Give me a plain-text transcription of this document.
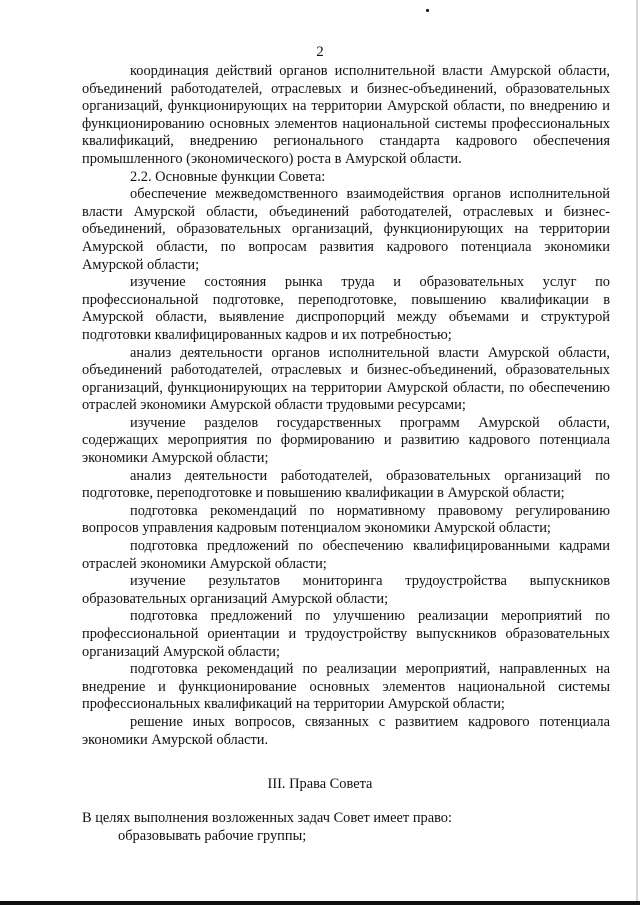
2

координация действий органов исполнительной власти Амурской области, объединений работодателей, отраслевых и бизнес-объединений, образовательных организаций, функционирующих на территории Амурской области, по внедрению и функционированию основных элементов национальной системы профессиональных квалификаций, внедрению регионального стандарта кадрового обеспечения промышленного (экономического) роста в Амурской области.

2.2. Основные функции Совета:

обеспечение межведомственного взаимодействия органов исполнительной власти Амурской области, объединений работодателей, отраслевых и бизнес-объединений, образовательных организаций, функционирующих на территории Амурской области, по вопросам развития кадрового потенциала экономики Амурской области;

изучение состояния рынка труда и образовательных услуг по профессиональной подготовке, переподготовке, повышению квалификации в Амурской области, выявление диспропорций между объемами и структурой подготовки квалифицированных кадров и их потребностью;

анализ деятельности органов исполнительной власти Амурской области, объединений работодателей, отраслевых и бизнес-объединений, образовательных организаций, функционирующих на территории Амурской области, по обеспечению отраслей экономики Амурской области трудовыми ресурсами;

изучение разделов государственных программ Амурской области, содержащих мероприятия по формированию и развитию кадрового потенциала экономики Амурской области;

анализ деятельности работодателей, образовательных организаций по подготовке, переподготовке и повышению квалификации в Амурской области;

подготовка рекомендаций по нормативному правовому регулированию вопросов управления кадровым потенциалом экономики Амурской области;

подготовка предложений по обеспечению квалифицированными кадрами отраслей экономики Амурской области;

изучение результатов мониторинга трудоустройства выпускников образовательных организаций Амурской области;

подготовка предложений по улучшению реализации мероприятий по профессиональной ориентации и трудоустройству выпускников образовательных организаций Амурской области;

подготовка рекомендаций по реализации мероприятий, направленных на внедрение и функционирование основных элементов национальной системы профессиональных квалификаций на территории Амурской области;

решение иных вопросов, связанных с развитием кадрового потенциала экономики Амурской области.

III. Права Совета

В целях выполнения возложенных задач Совет имеет право:

образовывать рабочие группы;
